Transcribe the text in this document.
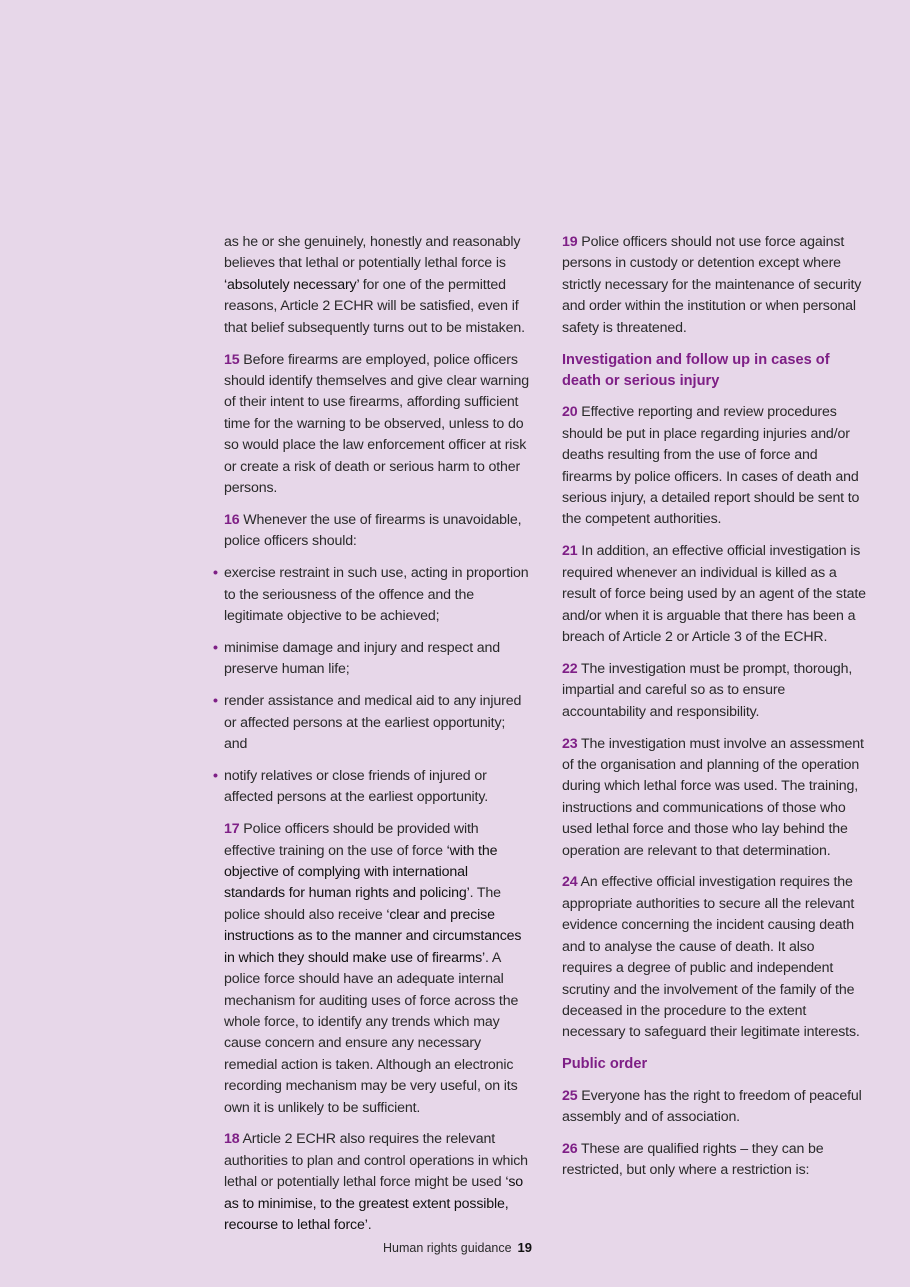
as he or she genuinely, honestly and reasonably believes that lethal or potentially lethal force is ‘absolutely necessary’ for one of the permitted reasons, Article 2 ECHR will be satisfied, even if that belief subsequently turns out to be mistaken.

15 Before firearms are employed, police officers should identify themselves and give clear warning of their intent to use firearms, affording sufficient time for the warning to be observed, unless to do so would place the law enforcement officer at risk or create a risk of death or serious harm to other persons.

16 Whenever the use of firearms is unavoidable, police officers should:

• exercise restraint in such use, acting in proportion to the seriousness of the offence and the legitimate objective to be achieved;
• minimise damage and injury and respect and preserve human life;
• render assistance and medical aid to any injured or affected persons at the earliest opportunity; and
• notify relatives or close friends of injured or affected persons at the earliest opportunity.

17 Police officers should be provided with effective training on the use of force ‘with the objective of complying with international standards for human rights and policing’. The police should also receive ‘clear and precise instructions as to the manner and circumstances in which they should make use of firearms’. A police force should have an adequate internal mechanism for auditing uses of force across the whole force, to identify any trends which may cause concern and ensure any necessary remedial action is taken. Although an electronic recording mechanism may be very useful, on its own it is unlikely to be sufficient.

18 Article 2 ECHR also requires the relevant authorities to plan and control operations in which lethal or potentially lethal force might be used ‘so as to minimise, to the greatest extent possible, recourse to lethal force’.

19 Police officers should not use force against persons in custody or detention except where strictly necessary for the maintenance of security and order within the institution or when personal safety is threatened.

Investigation and follow up in cases of death or serious injury

20 Effective reporting and review procedures should be put in place regarding injuries and/or deaths resulting from the use of force and firearms by police officers. In cases of death and serious injury, a detailed report should be sent to the competent authorities.

21 In addition, an effective official investigation is required whenever an individual is killed as a result of force being used by an agent of the state and/or when it is arguable that there has been a breach of Article 2 or Article 3 of the ECHR.

22 The investigation must be prompt, thorough, impartial and careful so as to ensure accountability and responsibility.

23 The investigation must involve an assessment of the organisation and planning of the operation during which lethal force was used. The training, instructions and communications of those who used lethal force and those who lay behind the operation are relevant to that determination.

24 An effective official investigation requires the appropriate authorities to secure all the relevant evidence concerning the incident causing death and to analyse the cause of death. It also requires a degree of public and independent scrutiny and the involvement of the family of the deceased in the procedure to the extent necessary to safeguard their legitimate interests.

Public order

25 Everyone has the right to freedom of peaceful assembly and of association.

26 These are qualified rights – they can be restricted, but only where a restriction is:

Human rights guidance 19
